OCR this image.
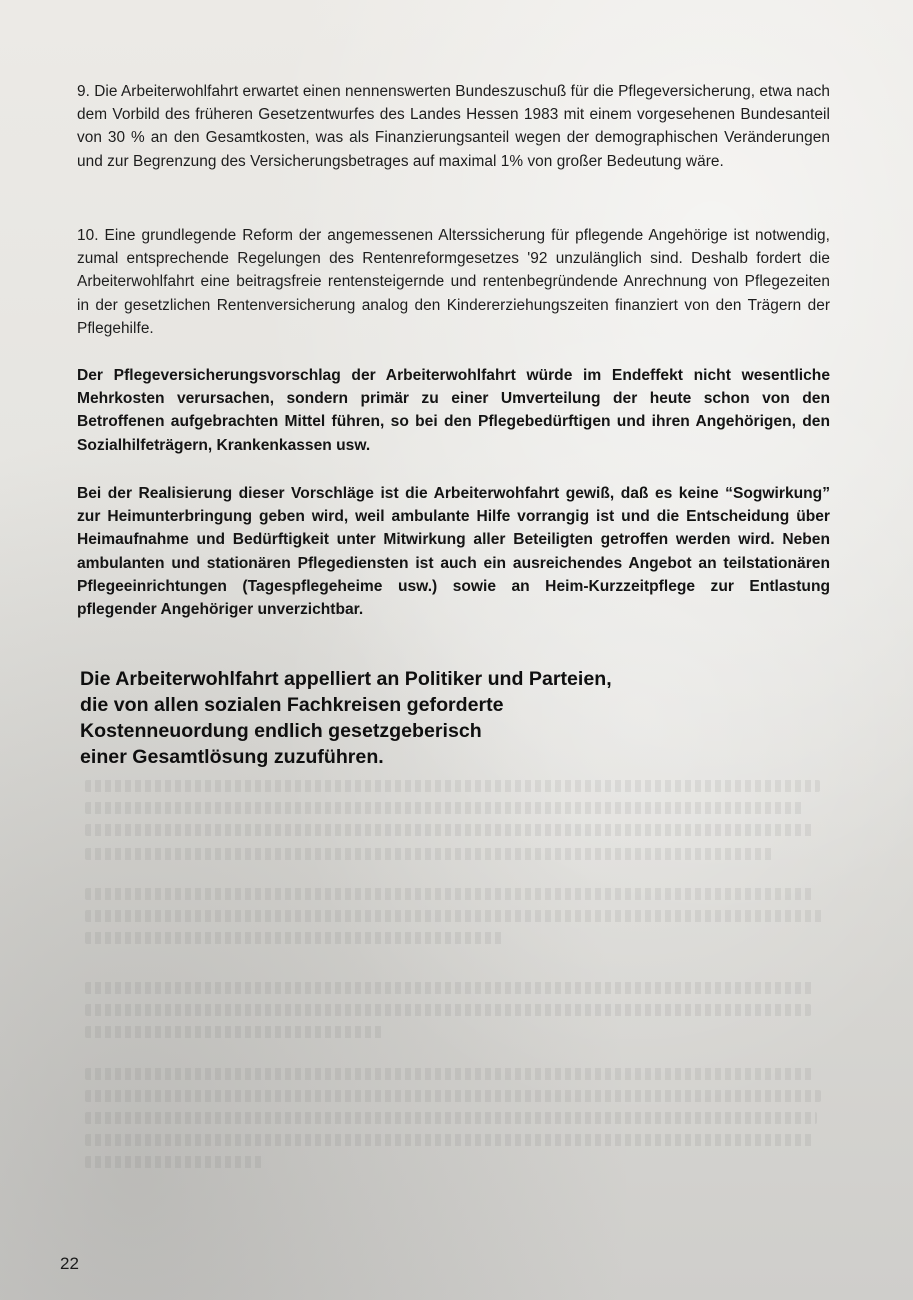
9. Die Arbeiterwohlfahrt erwartet einen nennenswerten Bundeszuschuß für die Pflegeversicherung, etwa nach dem Vorbild des früheren Gesetzentwurfes des Landes Hessen 1983 mit einem vorgesehenen Bundesanteil von 30 % an den Gesamtkosten, was als Finanzierungsanteil wegen der demographischen Veränderungen und zur Begrenzung des Versicherungsbetrages auf maximal 1% von großer Bedeutung wäre.

10. Eine grundlegende Reform der angemessenen Alterssicherung für pflegende Angehörige ist notwendig, zumal entsprechende Regelungen des Rentenreformgesetzes '92 unzulänglich sind. Deshalb fordert die Arbeiterwohlfahrt eine beitragsfreie rentensteigernde und rentenbegründende Anrechnung von Pflegezeiten in der gesetzlichen Rentenversicherung analog den Kindererziehungszeiten finanziert von den Trägern der Pflegehilfe.

Der Pflegeversicherungsvorschlag der Arbeiterwohlfahrt würde im Endeffekt nicht wesentliche Mehrkosten verursachen, sondern primär zu einer Umverteilung der heute schon von den Betroffenen aufgebrachten Mittel führen, so bei den Pflegebedürftigen und ihren Angehörigen, den Sozialhilfeträgern, Krankenkassen usw.

Bei der Realisierung dieser Vorschläge ist die Arbeiterwohfahrt gewiß, daß es keine “Sogwirkung” zur Heimunterbringung geben wird, weil ambulante Hilfe vorrangig ist und die Entscheidung über Heimaufnahme und Bedürftigkeit unter Mitwirkung aller Beteiligten getroffen werden wird. Neben ambulanten und stationären Pflegediensten ist auch ein ausreichendes Angebot an teilstationären Pflegeeinrichtungen (Tagespflegeheime usw.) sowie an Heim-Kurzzeitpflege zur Entlastung pflegender Angehöriger unverzichtbar.

Die Arbeiterwohlfahrt appelliert an Politiker und Parteien,
die von allen sozialen Fachkreisen geforderte
Kostenneuordung endlich gesetzgeberisch
einer Gesamtlösung zuzuführen.
22
